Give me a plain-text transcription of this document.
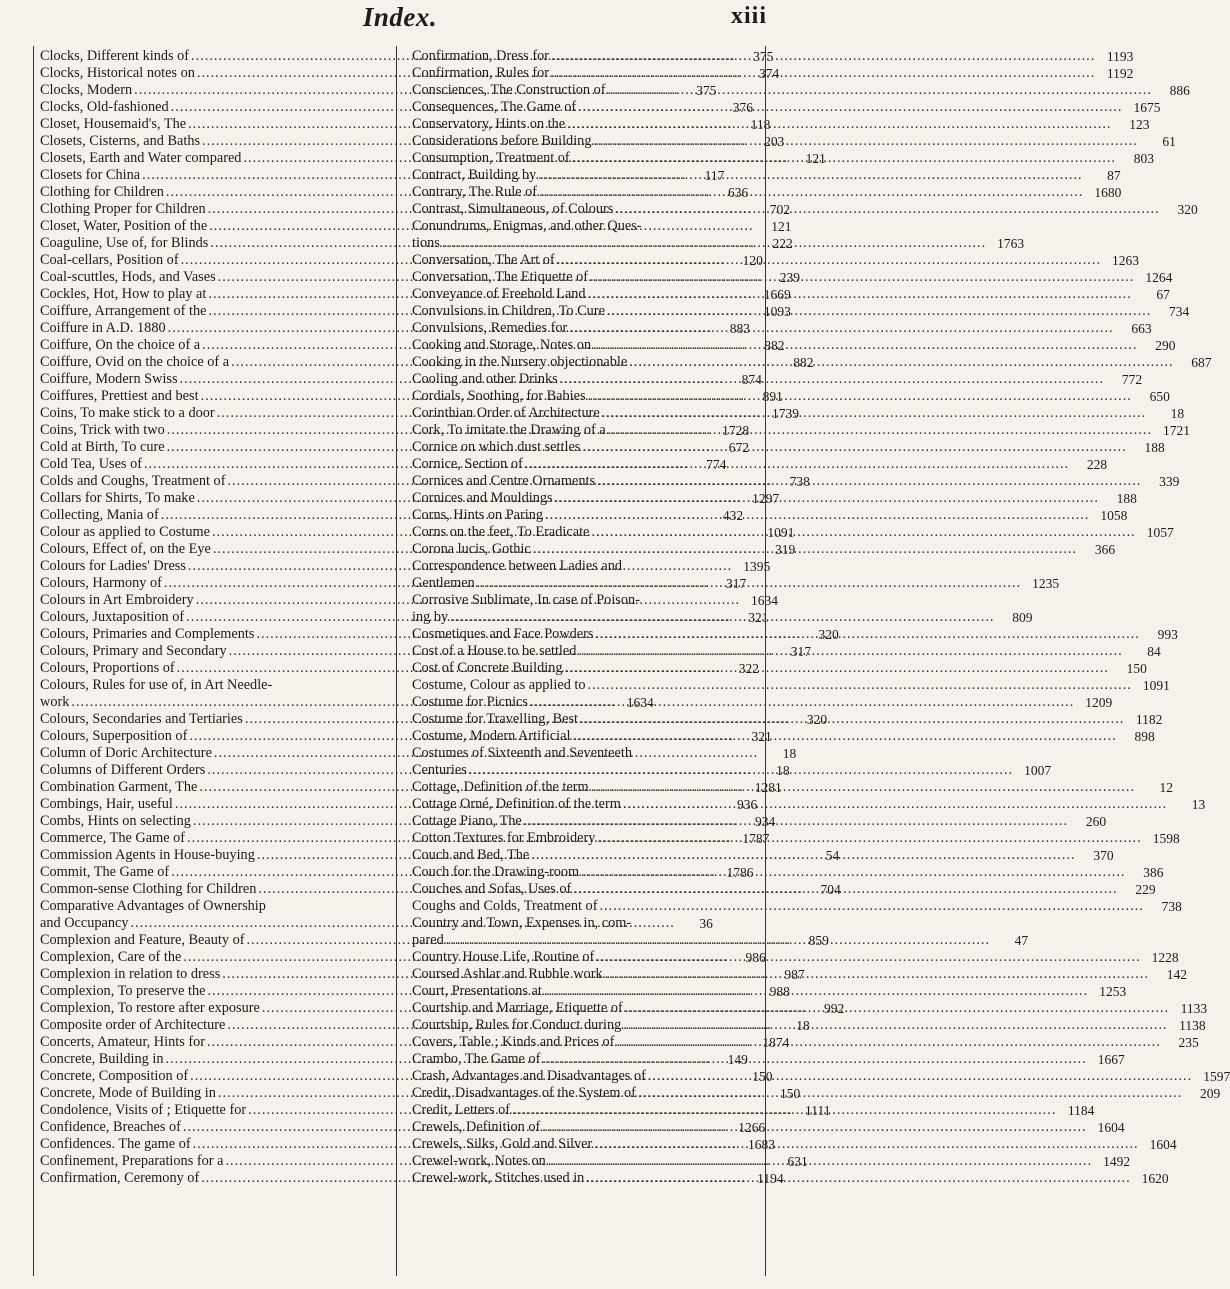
Index.	xiii
Clocks, Different kinds of .....	375
Clocks, Historical notes on .....	374
Clocks, Modern .....	375
Clocks, Old-fashioned .....	376
Closet, Housemaid's, The .....	118
Closets, Cisterns, and Baths .....	203
Closets, Earth and Water compared .....	121
Closets for China .....	117
Clothing for Children .....	636
Clothing Proper for Children .....	702
Closet, Water, Position of the .....	121
Coaguline, Use of, for Blinds .....	222
Coal-cellars, Position of .....	120
Coal-scuttles, Hods, and Vases .....	239
Cockles, Hot, How to play at .....	1669
Coiffure, Arrangement of the .....	1093
Coiffure in A.D. 1880 .....	883
Coiffure, On the choice of a .....	882
Coiffure, Ovid on the choice of a .....	882
Coiffure, Modern Swiss .....	874
Coiffures, Prettiest and best .....	891
Coins, To make stick to a door .....	1739
Coins, Trick with two .....	1728
Cold at Birth, To cure .....	672
Cold Tea, Uses of .....	774
Colds and Coughs, Treatment of .....	738
Collars for Shirts, To make .....	1297
Collecting, Mania of .....	432
Colour as applied to Costume .....	1091
Colours, Effect of, on the Eye .....	319
Colours for Ladies' Dress .....	1395
Colours, Harmony of .....	317
Colours in Art Embroidery .....	1634
Colours, Juxtaposition of .....	321
Colours, Primaries and Complements .....	320
Colours, Primary and Secondary .....	317
Colours, Proportions of .....	322
Colours, Rules for use of, in Art Needle-
work .....	1634
Colours, Secondaries and Tertiaries .....	320
Colours, Superposition of .....	321
Column of Doric Architecture .....	18
Columns of Different Orders .....	18
Combination Garment, The .....	1281
Combings, Hair, useful .....	936
Combs, Hints on selecting .....	934
Commerce, The Game of .....	1787
Commission Agents in House-buying .....	54
Commit, The Game of .....	1786
Common-sense Clothing for Children .....	704
Comparative Advantages of Ownership
and Occupancy .....	36
Complexion and Feature, Beauty of .....	859
Complexion, Care of the .....	986
Complexion in relation to dress .....	987
Complexion, To preserve the .....	988
Complexion, To restore after exposure .....	992
Composite order of Architecture .....	18
Concerts, Amateur, Hints for .....	1874
Concrete, Building in .....	149
Concrete, Composition of .....	150
Concrete, Mode of Building in .....	150
Condolence, Visits of ; Etiquette for .....	1111
Confidence, Breaches of .....	1266
Confidences. The game of .....	1683
Confinement, Preparations for a .....	631
Confirmation, Ceremony of .....	1194
Confirmation, Dress for .....	1193
Confirmation, Rules for .....	1192
Consciences, The Construction of .....	886
Consequences, The Game of .....	1675
Conservatory, Hints on the .....	123
Considerations before Building .....	61
Consumption, Treatment of .....	803
Contract, Building by .....	87
Contrary, The Rule of .....	1680
Contrast, Simultaneous, of Colours .....	320
Conundrums, Enigmas, and other Ques-
tions .....	1763
Conversation, The Art of .....	1263
Conversation, The Etiquette of .....	1264
Conveyance of Freehold Land .....	67
Convulsions in Children, To Cure .....	734
Convulsions, Remedies for .....	663
Cooking and Storage, Notes on .....	290
Cooking in the Nursery objectionable .....	687
Cooling and other Drinks .....	772
Cordials, Soothing, for Babies .....	650
Corinthian Order of Architecture .....	18
Cork, To imitate the Drawing of a .....	1721
Cornice on which dust settles .....	188
Cornice, Section of .....	228
Cornices and Centre Ornaments .....	339
Cornices and Mouldings .....	188
Corns, Hints on Paring .....	1058
Corns on the feet, To Eradicate .....	1057
Corona lucis, Gothic .....	366
Correspondence between Ladies and
Gentlemen .....	1235
Corrosive Sublimate, In case of Poison-
ing by .....	809
Cosmetiques and Face Powders .....	993
Cost of a House to be settled .....	84
Cost of Concrete Building .....	150
Costume, Colour as applied to .....	1091
Costume for Picnics .....	1209
Costume for Travelling, Best .....	1182
Costume, Modern Artificial .....	898
Costumes of Sixteenth and Seventeeth
Centuries .....	1007
Cottage, Definition of the term .....	12
Cottage Orné, Definition of the term .....	13
Cottage Piano, The .....	260
Cotton Textures for Embroidery .....	1598
Couch and Bed, The .....	370
Couch for the Drawing-room .....	386
Couches and Sofas, Uses of .....	229
Coughs and Colds, Treatment of .....	738
Country and Town, Expenses in, com-
pared .....	47
Country House Life, Routine of .....	1228
Coursed Ashlar and Rubble work .....	142
Court, Presentations at .....	1253
Courtship and Marriage, Etiquette of .....	1133
Courtship, Rules for Conduct during .....	1138
Covers, Table ; Kinds and Prices of .....	235
Crambo, The Game of .....	1667
Crash, Advantages and Disadvantages of .....	1597
Credit, Disadvantages of the System of .....	209
Credit, Letters of .....	1184
Crewels, Definition of .....	1604
Crewels, Silks, Gold and Silver .....	1604
Crewel-work, Notes on .....	1492
Crewel-work, Stitches used in .....	1620
